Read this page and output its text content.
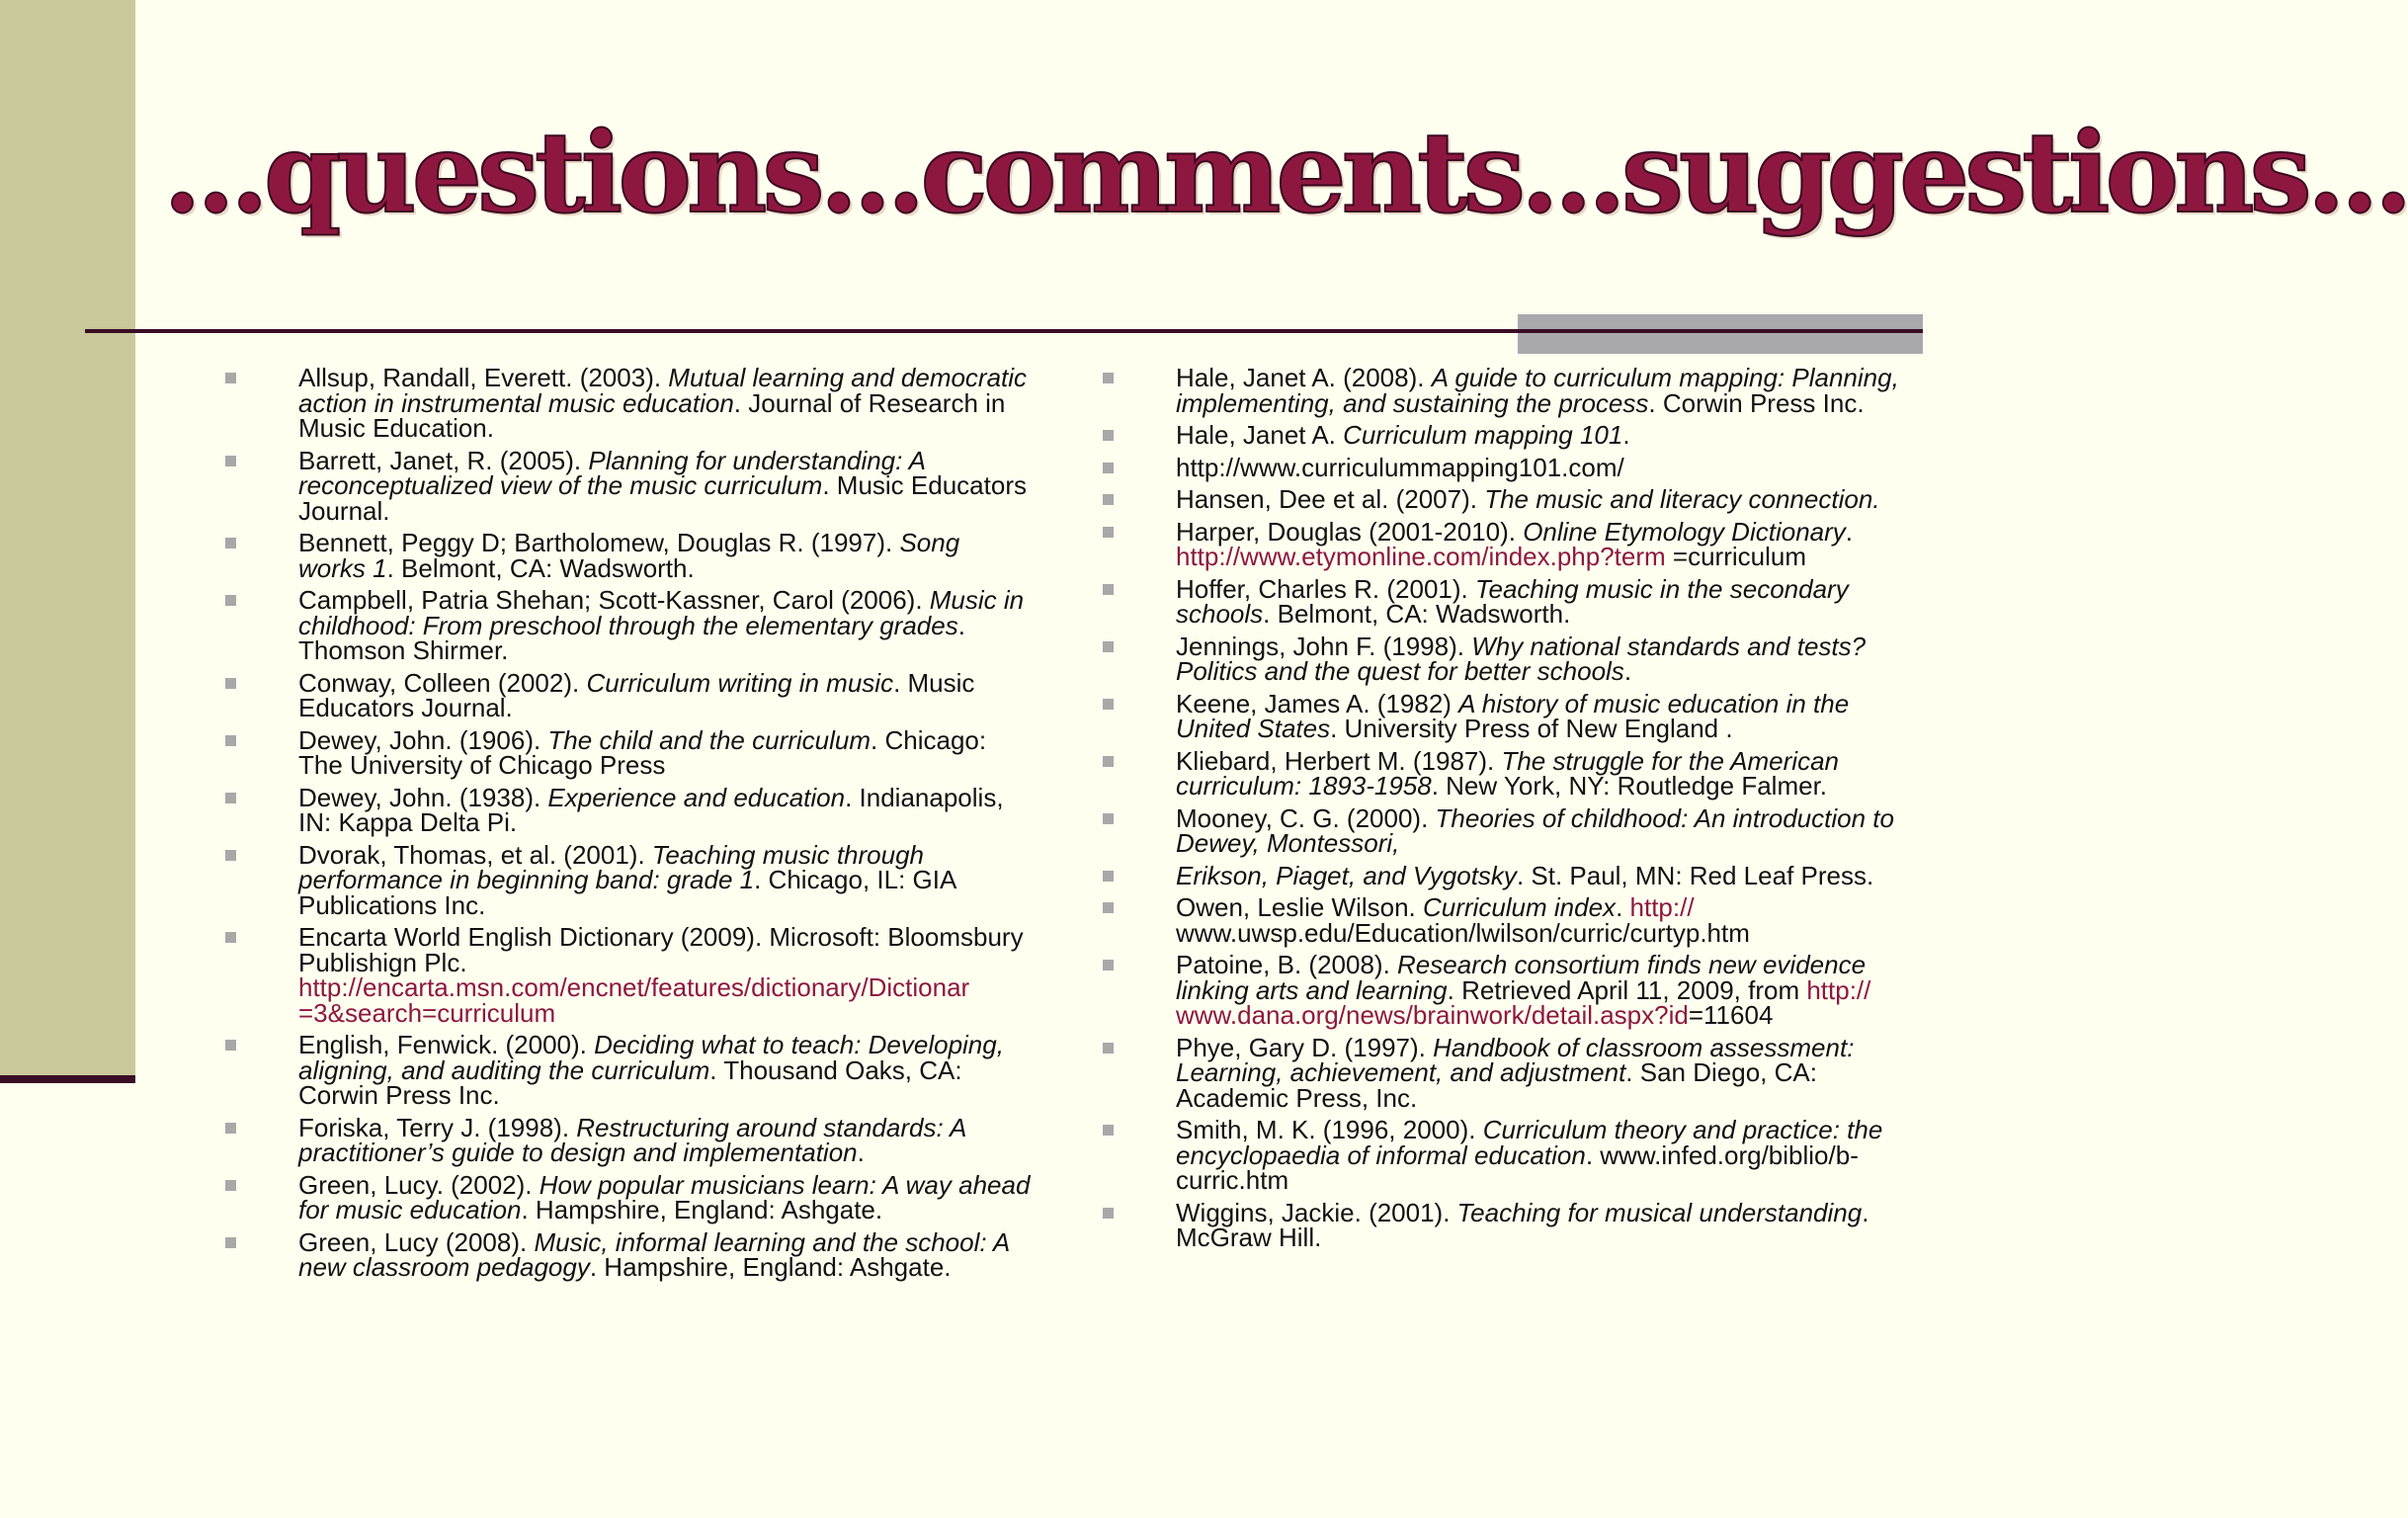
...questions...comments...suggestions...
Allsup, Randall, Everett. (2003). Mutual learning and democratic action in instrumental music education. Journal of Research in Music Education.
Barrett, Janet, R. (2005). Planning for understanding: A reconceptualized view of the music curriculum. Music Educators Journal.
Bennett, Peggy D; Bartholomew, Douglas R. (1997). Song works 1. Belmont, CA: Wadsworth.
Campbell, Patria Shehan; Scott-Kassner, Carol (2006). Music in childhood: From preschool through the elementary grades. Thomson Shirmer.
Conway, Colleen (2002). Curriculum writing in music. Music Educators Journal.
Dewey, John. (1906). The child and the curriculum. Chicago: The University of Chicago Press
Dewey, John. (1938). Experience and education. Indianapolis, IN: Kappa Delta Pi.
Dvorak, Thomas, et al. (2001). Teaching music through performance in beginning band: grade 1. Chicago, IL: GIA Publications Inc.
Encarta World English Dictionary (2009). Microsoft: Bloomsbury Publishign Plc. http://encarta.msn.com/encnet/features/dictionary/Dictionar =3&search=curriculum
English, Fenwick. (2000). Deciding what to teach: Developing, aligning, and auditing the curriculum. Thousand Oaks, CA: Corwin Press Inc.
Foriska, Terry J. (1998). Restructuring around standards: A practitioner’s guide to design and implementation.
Green, Lucy. (2002). How popular musicians learn: A way ahead for music education. Hampshire, England: Ashgate.
Green, Lucy (2008). Music, informal learning and the school: A new classroom pedagogy. Hampshire, England: Ashgate.
Hale, Janet A. (2008). A guide to curriculum mapping: Planning, implementing, and sustaining the process. Corwin Press Inc.
Hale, Janet A. Curriculum mapping 101.
http://www.curriculummapping101.com/
Hansen, Dee et al. (2007). The music and literacy connection.
Harper, Douglas (2001-2010). Online Etymology Dictionary. http://www.etymonline.com/index.php?term =curriculum
Hoffer, Charles R. (2001). Teaching music in the secondary schools. Belmont, CA: Wadsworth.
Jennings, John F. (1998). Why national standards and tests? Politics and the quest for better schools.
Keene, James A. (1982) A history of music education in the United States. University Press of New England .
Kliebard, Herbert M. (1987). The struggle for the American curriculum: 1893-1958. New York, NY: Routledge Falmer.
Mooney, C. G. (2000). Theories of childhood: An introduction to Dewey, Montessori,
Erikson, Piaget, and Vygotsky. St. Paul, MN: Red Leaf Press.
Owen, Leslie Wilson. Curriculum index. http:// www.uwsp.edu/Education/lwilson/curric/curtyp.htm
Patoine, B. (2008). Research consortium finds new evidence linking arts and learning. Retrieved April 11, 2009, from http:// www.dana.org/news/brainwork/detail.aspx?id=11604
Phye, Gary D. (1997). Handbook of classroom assessment: Learning, achievement, and adjustment. San Diego, CA: Academic Press, Inc.
Smith, M. K. (1996, 2000). Curriculum theory and practice: the encyclopaedia of informal education. www.infed.org/biblio/b-curric.htm
Wiggins, Jackie. (2001). Teaching for musical understanding. McGraw Hill.
